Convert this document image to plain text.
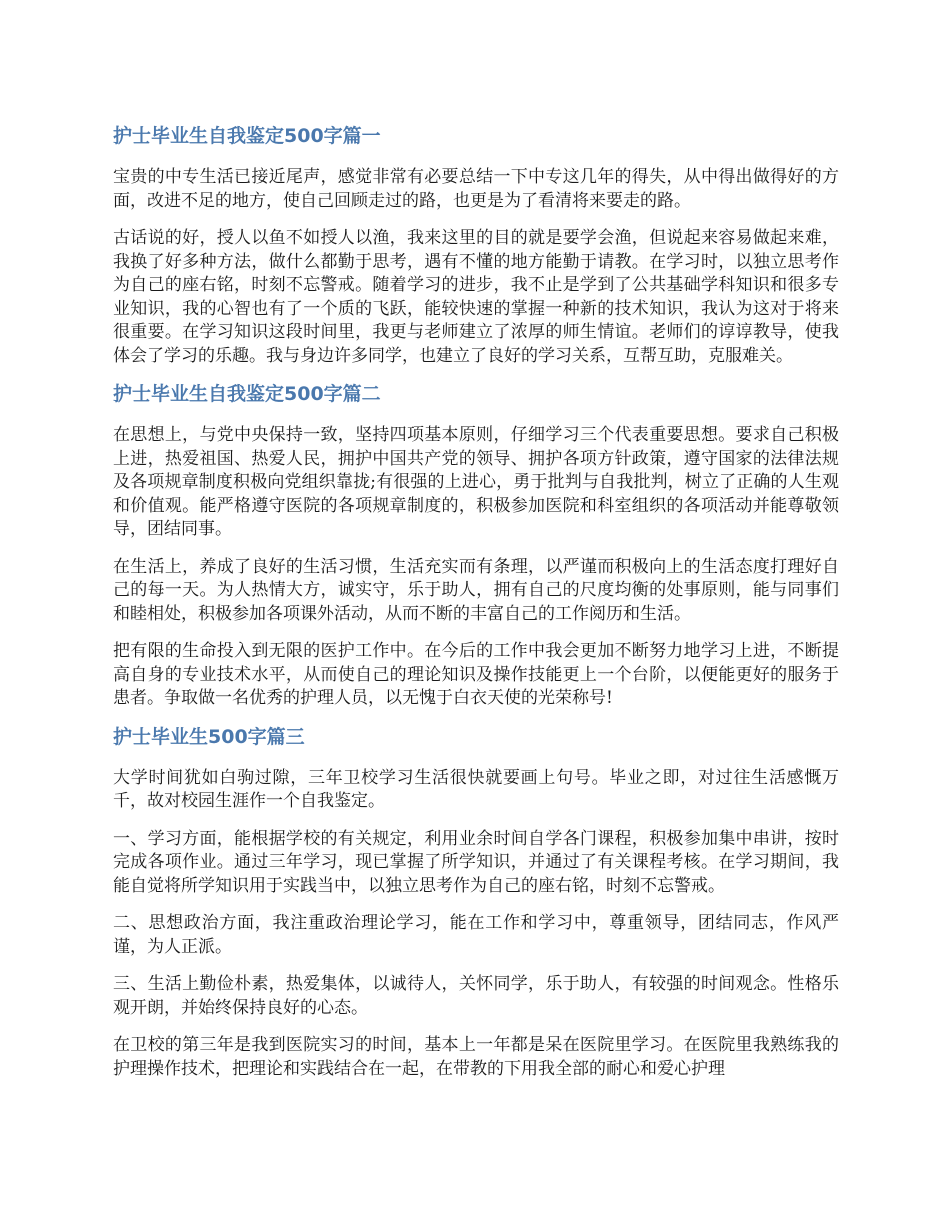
护士毕业生自我鉴定500字篇一

宝贵的中专生活已接近尾声，感觉非常有必要总结一下中专这几年的得失，从中得出做得好的方面，改进不足的地方，使自己回顾走过的路，也更是为了看清将来要走的路。

古话说的好，授人以鱼不如授人以渔，我来这里的目的就是要学会渔，但说起来容易做起来难，我换了好多种方法，做什么都勤于思考，遇有不懂的地方能勤于请教。在学习时，以独立思考作为自己的座右铭，时刻不忘警戒。随着学习的进步，我不止是学到了公共基础学科知识和很多专业知识，我的心智也有了一个质的飞跃，能较快速的掌握一种新的技术知识，我认为这对于将来很重要。在学习知识这段时间里，我更与老师建立了浓厚的师生情谊。老师们的谆谆教导，使我体会了学习的乐趣。我与身边许多同学，也建立了良好的学习关系，互帮互助，克服难关。

护士毕业生自我鉴定500字篇二

在思想上，与党中央保持一致，坚持四项基本原则，仔细学习三个代表重要思想。要求自己积极上进，热爱祖国、热爱人民，拥护中国共产党的领导、拥护各项方针政策，遵守国家的法律法规及各项规章制度积极向党组织靠拢;有很强的上进心，勇于批判与自我批判，树立了正确的人生观和价值观。能严格遵守医院的各项规章制度的，积极参加医院和科室组织的各项活动并能尊敬领导，团结同事。

在生活上，养成了良好的生活习惯，生活充实而有条理，以严谨而积极向上的生活态度打理好自己的每一天。为人热情大方，诚实守，乐于助人，拥有自己的尺度均衡的处事原则，能与同事们和睦相处，积极参加各项课外活动，从而不断的丰富自己的工作阅历和生活。

把有限的生命投入到无限的医护工作中。在今后的工作中我会更加不断努力地学习上进，不断提高自身的专业技术水平，从而使自己的理论知识及操作技能更上一个台阶，以便能更好的服务于患者。争取做一名优秀的护理人员，以无愧于白衣天使的光荣称号!

护士毕业生500字篇三

大学时间犹如白驹过隙，三年卫校学习生活很快就要画上句号。毕业之即，对过往生活感慨万千，故对校园生涯作一个自我鉴定。

一、学习方面，能根据学校的有关规定，利用业余时间自学各门课程，积极参加集中串讲，按时完成各项作业。通过三年学习，现已掌握了所学知识，并通过了有关课程考核。在学习期间，我能自觉将所学知识用于实践当中，以独立思考作为自己的座右铭，时刻不忘警戒。

二、思想政治方面，我注重政治理论学习，能在工作和学习中，尊重领导，团结同志，作风严谨，为人正派。

三、生活上勤俭朴素，热爱集体，以诚待人，关怀同学，乐于助人，有较强的时间观念。性格乐观开朗，并始终保持良好的心态。

在卫校的第三年是我到医院实习的时间，基本上一年都是呆在医院里学习。在医院里我熟练我的护理操作技术，把理论和实践结合在一起，在带教的下用我全部的耐心和爱心护理
